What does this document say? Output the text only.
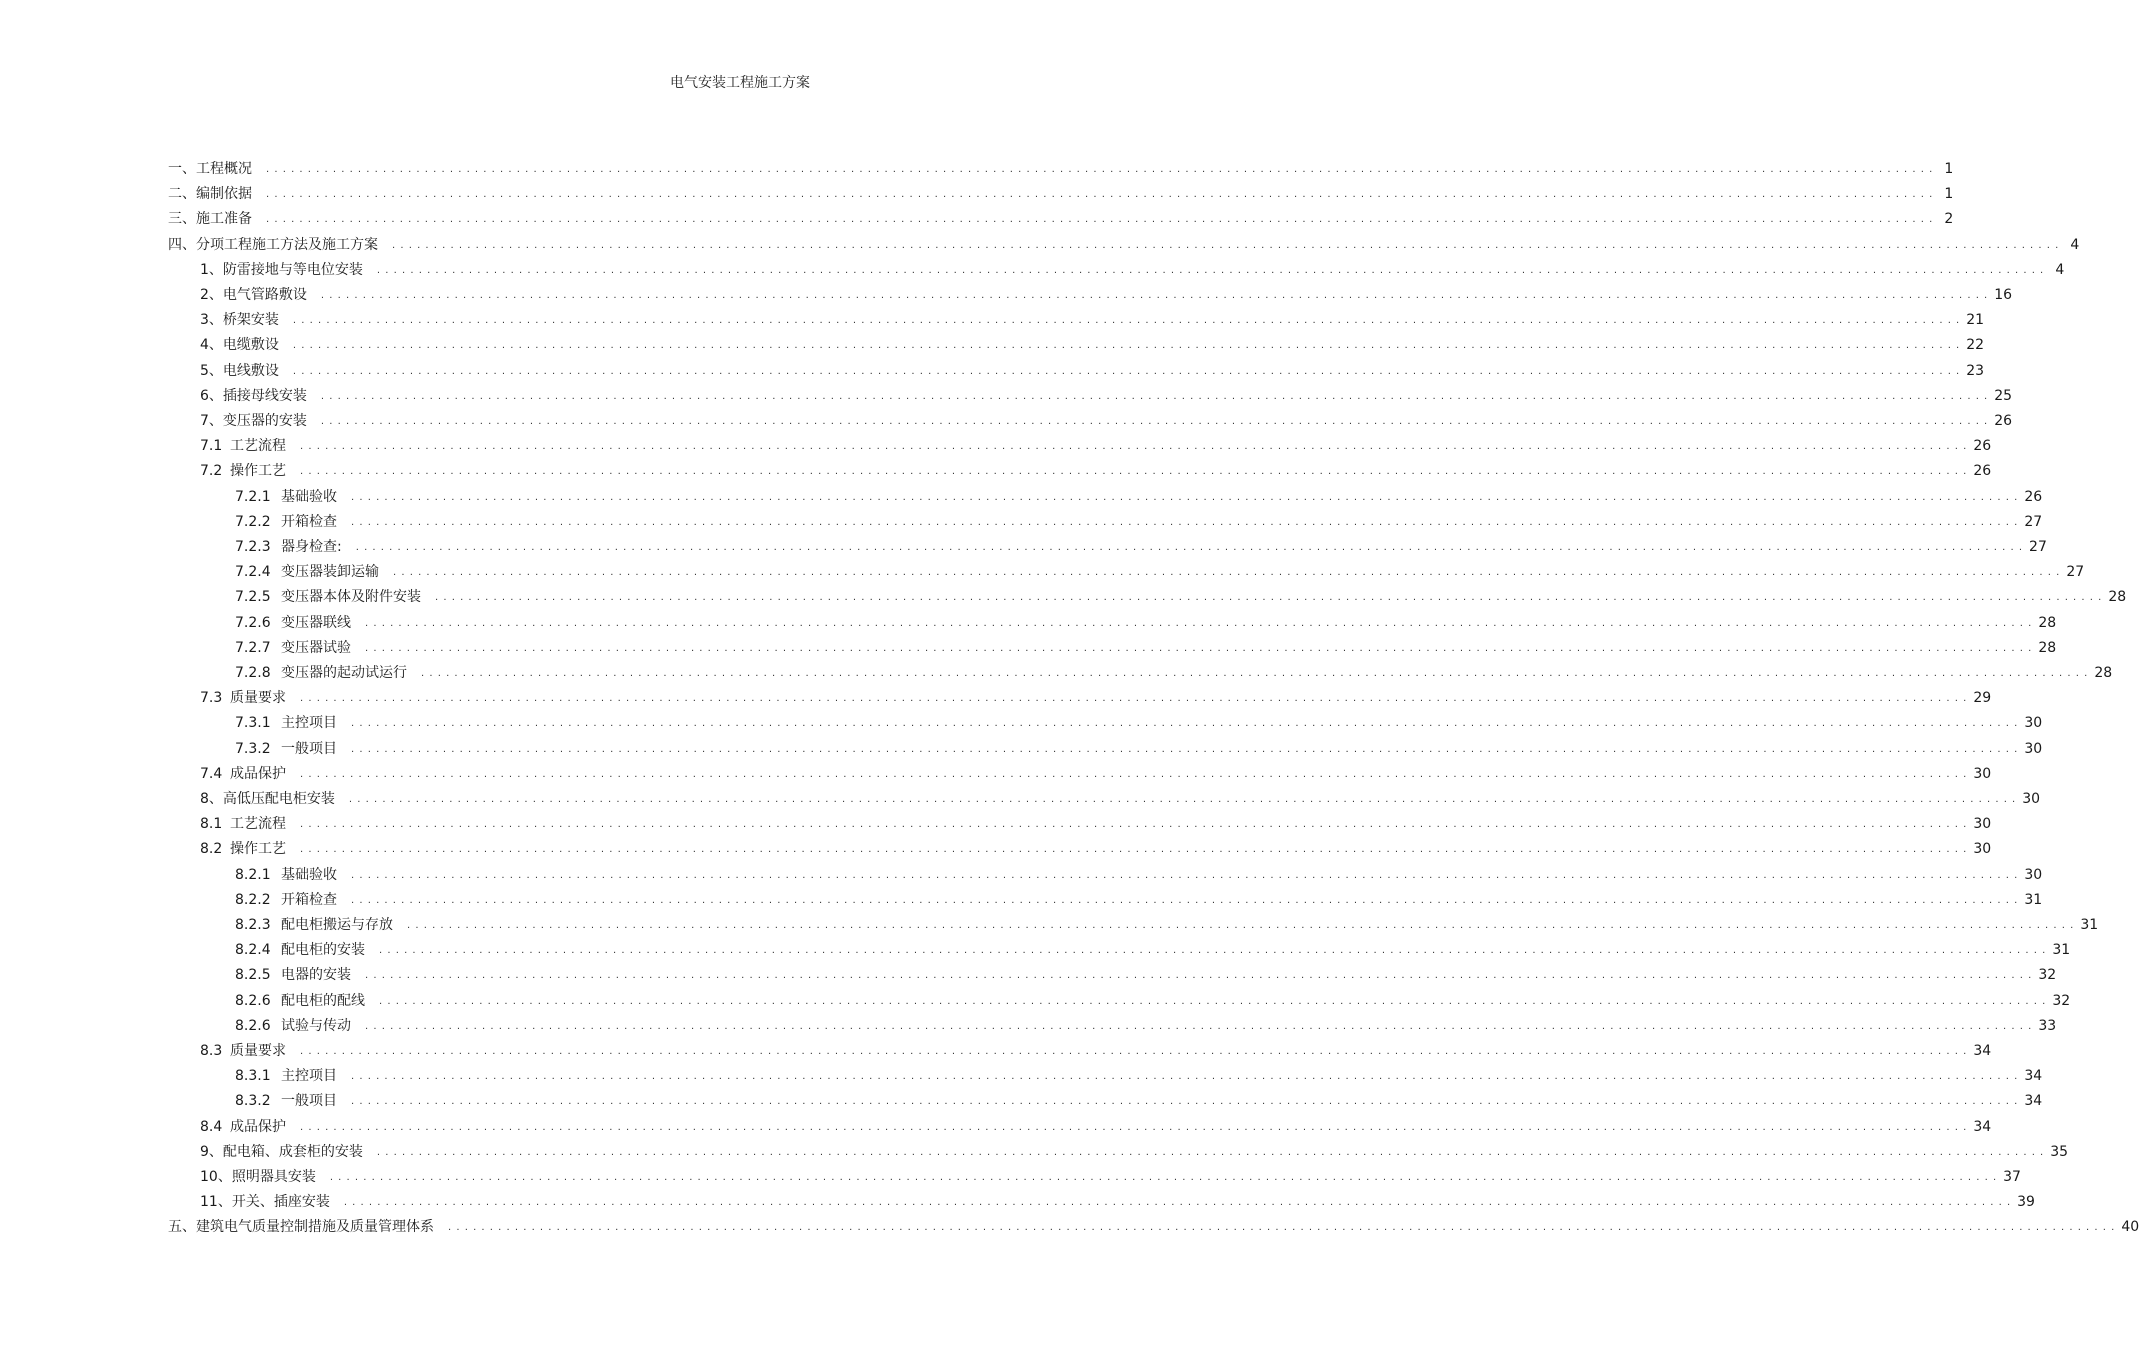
电气安装工程施工方案
一、工程概况 . . . . . . . . . . . . . . . . . . . . . . . . . . . . . . . . . . . . . . . . . . . . . . . . . . . . . . . . . . . . . . . . . . . . . . . . . . . . . . . . . . . . . . . . . . . . . . . . . . . . . . . . . . . . . . . . . . . . . . . . . . . . . . . . . . . . . . . . . . . . . . . . . . . . . . . . . . . . . . . . . . . . . . . . . . . . . . . . . . . . . . . . . . . . . . . . . . . . . . . . 1
二、编制依据 . . . . . . . . . . . . . . . . . . . . . . . . . . . . . . . . . . . . . . . . . . . . . . . . . . . . . . . . . . . . . . . . . . . . . . . . . . . . . . . . . . . . . . . . . . . . . . . . . . . . . . . . . . . . . . . . . . . . . . . . . . . . . . . . . . . . . . . . . . . . . . . . . . . . . . . . . . . . . . . . . . . . . . . . . . . . . . . . . . . . . . . . . . . . . . . . . . . . . . . . 1
三、施工准备 . . . . . . . . . . . . . . . . . . . . . . . . . . . . . . . . . . . . . . . . . . . . . . . . . . . . . . . . . . . . . . . . . . . . . . . . . . . . . . . . . . . . . . . . . . . . . . . . . . . . . . . . . . . . . . . . . . . . . . . . . . . . . . . . . . . . . . . . . . . . . . . . . . . . . . . . . . . . . . . . . . . . . . . . . . . . . . . . . . . . . . . . . . . . . . . . . . . . . . . . 2
四、分项工程施工方法及施工方案 . . . . . . . . . . . . . . . . . . . . . . . . . . . . . . . . . . . . . . . . . . . . . . . . . . . . . . . . . . . . . . . . . . . . . . . . . . . . . . . . . . . . . . . . . . . . . . . . . . . . . . . . . . . . . . . . . . . . . . . . . . . . . . . . . . . . . . . . . . . . . . . . . . . . . . . . . . . . . . . . . . . . . . . . . . . . . . . . . . . . . . . . . . . . . . . . . . . . . . . . 4
1、防雷接地与等电位安装 . . . . . . . . . . . . . . . . . . . . . . . . . . . . . . . . . . . . . . . . . . . . . . . . . . . . . . . . . . . . . . . . . . . . . . . . . . . . . . . . . . . . . . . . . . . . . . . . . . . . . . . . . . . . . . . . . . . . . . . . . . . . . . . . . . . . . . . . . . . . . . . . . . . . . . . . . . . . . . . . . . . . . . . . . . . . . . . . . . . . . . . . . . . . . . . . . . . . . . . . 4
2、电气管路敷设 . . . . . . . . . . . . . . . . . . . . . . . . . . . . . . . . . . . . . . . . . . . . . . . . . . . . . . . . . . . . . . . . . . . . . . . . . . . . . . . . . . . . . . . . . . . . . . . . . . . . . . . . . . . . . . . . . . . . . . . . . . . . . . . . . . . . . . . . . . . . . . . . . . . . . . . . . . . . . . . . . . . . . . . . . . . . . . . . . . . . . . . . . . . . . . . . . . . . . . . . 16
3、桥架安装 . . . . . . . . . . . . . . . . . . . . . . . . . . . . . . . . . . . . . . . . . . . . . . . . . . . . . . . . . . . . . . . . . . . . . . . . . . . . . . . . . . . . . . . . . . . . . . . . . . . . . . . . . . . . . . . . . . . . . . . . . . . . . . . . . . . . . . . . . . . . . . . . . . . . . . . . . . . . . . . . . . . . . . . . . . . . . . . . . . . . . . . . . . . . . . . . . . . . . . . . 21
4、电缆敷设 . . . . . . . . . . . . . . . . . . . . . . . . . . . . . . . . . . . . . . . . . . . . . . . . . . . . . . . . . . . . . . . . . . . . . . . . . . . . . . . . . . . . . . . . . . . . . . . . . . . . . . . . . . . . . . . . . . . . . . . . . . . . . . . . . . . . . . . . . . . . . . . . . . . . . . . . . . . . . . . . . . . . . . . . . . . . . . . . . . . . . . . . . . . . . . . . . . . . . . . . 22
5、电线敷设 . . . . . . . . . . . . . . . . . . . . . . . . . . . . . . . . . . . . . . . . . . . . . . . . . . . . . . . . . . . . . . . . . . . . . . . . . . . . . . . . . . . . . . . . . . . . . . . . . . . . . . . . . . . . . . . . . . . . . . . . . . . . . . . . . . . . . . . . . . . . . . . . . . . . . . . . . . . . . . . . . . . . . . . . . . . . . . . . . . . . . . . . . . . . . . . . . . . . . . . . 23
6、插接母线安装 . . . . . . . . . . . . . . . . . . . . . . . . . . . . . . . . . . . . . . . . . . . . . . . . . . . . . . . . . . . . . . . . . . . . . . . . . . . . . . . . . . . . . . . . . . . . . . . . . . . . . . . . . . . . . . . . . . . . . . . . . . . . . . . . . . . . . . . . . . . . . . . . . . . . . . . . . . . . . . . . . . . . . . . . . . . . . . . . . . . . . . . . . . . . . . . . . . . . . . . . 25
7、变压器的安装 . . . . . . . . . . . . . . . . . . . . . . . . . . . . . . . . . . . . . . . . . . . . . . . . . . . . . . . . . . . . . . . . . . . . . . . . . . . . . . . . . . . . . . . . . . . . . . . . . . . . . . . . . . . . . . . . . . . . . . . . . . . . . . . . . . . . . . . . . . . . . . . . . . . . . . . . . . . . . . . . . . . . . . . . . . . . . . . . . . . . . . . . . . . . . . . . . . . . . . . . 26
7.1 工艺流程 . . . . . . . . . . . . . . . . . . . . . . . . . . . . . . . . . . . . . . . . . . . . . . . . . . . . . . . . . . . . . . . . . . . . . . . . . . . . . . . . . . . . . . . . . . . . . . . . . . . . . . . . . . . . . . . . . . . . . . . . . . . . . . . . . . . . . . . . . . . . . . . . . . . . . . . . . . . . . . . . . . . . . . . . . . . . . . . . . . . . . . . . . . . . . . . . . . . . . . . . 26
7.2 操作工艺 . . . . . . . . . . . . . . . . . . . . . . . . . . . . . . . . . . . . . . . . . . . . . . . . . . . . . . . . . . . . . . . . . . . . . . . . . . . . . . . . . . . . . . . . . . . . . . . . . . . . . . . . . . . . . . . . . . . . . . . . . . . . . . . . . . . . . . . . . . . . . . . . . . . . . . . . . . . . . . . . . . . . . . . . . . . . . . . . . . . . . . . . . . . . . . . . . . . . . . . . 26
7.2.1 基础验收 . . . . . . . . . . . . . . . . . . . . . . . . . . . . . . . . . . . . . . . . . . . . . . . . . . . . . . . . . . . . . . . . . . . . . . . . . . . . . . . . . . . . . . . . . . . . . . . . . . . . . . . . . . . . . . . . . . . . . . . . . . . . . . . . . . . . . . . . . . . . . . . . . . . . . . . . . . . . . . . . . . . . . . . . . . . . . . . . . . . . . . . . . . . . . . . . . . . . . . . . 26
7.2.2 开箱检查 . . . . . . . . . . . . . . . . . . . . . . . . . . . . . . . . . . . . . . . . . . . . . . . . . . . . . . . . . . . . . . . . . . . . . . . . . . . . . . . . . . . . . . . . . . . . . . . . . . . . . . . . . . . . . . . . . . . . . . . . . . . . . . . . . . . . . . . . . . . . . . . . . . . . . . . . . . . . . . . . . . . . . . . . . . . . . . . . . . . . . . . . . . . . . . . . . . . . . . . . 27
7.2.3 器身检查: . . . . . . . . . . . . . . . . . . . . . . . . . . . . . . . . . . . . . . . . . . . . . . . . . . . . . . . . . . . . . . . . . . . . . . . . . . . . . . . . . . . . . . . . . . . . . . . . . . . . . . . . . . . . . . . . . . . . . . . . . . . . . . . . . . . . . . . . . . . . . . . . . . . . . . . . . . . . . . . . . . . . . . . . . . . . . . . . . . . . . . . . . . . . . . . . . . . . . . . . 27
7.2.4 变压器装卸运输 . . . . . . . . . . . . . . . . . . . . . . . . . . . . . . . . . . . . . . . . . . . . . . . . . . . . . . . . . . . . . . . . . . . . . . . . . . . . . . . . . . . . . . . . . . . . . . . . . . . . . . . . . . . . . . . . . . . . . . . . . . . . . . . . . . . . . . . . . . . . . . . . . . . . . . . . . . . . . . . . . . . . . . . . . . . . . . . . . . . . . . . . . . . . . . . . . . . . . . . . 27
7.2.5 变压器本体及附件安装 . . . . . . . . . . . . . . . . . . . . . . . . . . . . . . . . . . . . . . . . . . . . . . . . . . . . . . . . . . . . . . . . . . . . . . . . . . . . . . . . . . . . . . . . . . . . . . . . . . . . . . . . . . . . . . . . . . . . . . . . . . . . . . . . . . . . . . . . . . . . . . . . . . . . . . . . . . . . . . . . . . . . . . . . . . . . . . . . . . . . . . . . . . . . . . . . . . . . . . . . 28
7.2.6 变压器联线 . . . . . . . . . . . . . . . . . . . . . . . . . . . . . . . . . . . . . . . . . . . . . . . . . . . . . . . . . . . . . . . . . . . . . . . . . . . . . . . . . . . . . . . . . . . . . . . . . . . . . . . . . . . . . . . . . . . . . . . . . . . . . . . . . . . . . . . . . . . . . . . . . . . . . . . . . . . . . . . . . . . . . . . . . . . . . . . . . . . . . . . . . . . . . . . . . . . . . . . . 28
7.2.7 变压器试验 . . . . . . . . . . . . . . . . . . . . . . . . . . . . . . . . . . . . . . . . . . . . . . . . . . . . . . . . . . . . . . . . . . . . . . . . . . . . . . . . . . . . . . . . . . . . . . . . . . . . . . . . . . . . . . . . . . . . . . . . . . . . . . . . . . . . . . . . . . . . . . . . . . . . . . . . . . . . . . . . . . . . . . . . . . . . . . . . . . . . . . . . . . . . . . . . . . . . . . . . 28
7.2.8 变压器的起动试运行 . . . . . . . . . . . . . . . . . . . . . . . . . . . . . . . . . . . . . . . . . . . . . . . . . . . . . . . . . . . . . . . . . . . . . . . . . . . . . . . . . . . . . . . . . . . . . . . . . . . . . . . . . . . . . . . . . . . . . . . . . . . . . . . . . . . . . . . . . . . . . . . . . . . . . . . . . . . . . . . . . . . . . . . . . . . . . . . . . . . . . . . . . . . . . . . . . . . . . . . . 28
7.3 质量要求 . . . . . . . . . . . . . . . . . . . . . . . . . . . . . . . . . . . . . . . . . . . . . . . . . . . . . . . . . . . . . . . . . . . . . . . . . . . . . . . . . . . . . . . . . . . . . . . . . . . . . . . . . . . . . . . . . . . . . . . . . . . . . . . . . . . . . . . . . . . . . . . . . . . . . . . . . . . . . . . . . . . . . . . . . . . . . . . . . . . . . . . . . . . . . . . . . . . . . . . . 29
7.3.1 主控项目 . . . . . . . . . . . . . . . . . . . . . . . . . . . . . . . . . . . . . . . . . . . . . . . . . . . . . . . . . . . . . . . . . . . . . . . . . . . . . . . . . . . . . . . . . . . . . . . . . . . . . . . . . . . . . . . . . . . . . . . . . . . . . . . . . . . . . . . . . . . . . . . . . . . . . . . . . . . . . . . . . . . . . . . . . . . . . . . . . . . . . . . . . . . . . . . . . . . . . . . . 30
7.3.2 一般项目 . . . . . . . . . . . . . . . . . . . . . . . . . . . . . . . . . . . . . . . . . . . . . . . . . . . . . . . . . . . . . . . . . . . . . . . . . . . . . . . . . . . . . . . . . . . . . . . . . . . . . . . . . . . . . . . . . . . . . . . . . . . . . . . . . . . . . . . . . . . . . . . . . . . . . . . . . . . . . . . . . . . . . . . . . . . . . . . . . . . . . . . . . . . . . . . . . . . . . . . . 30
7.4 成品保护 . . . . . . . . . . . . . . . . . . . . . . . . . . . . . . . . . . . . . . . . . . . . . . . . . . . . . . . . . . . . . . . . . . . . . . . . . . . . . . . . . . . . . . . . . . . . . . . . . . . . . . . . . . . . . . . . . . . . . . . . . . . . . . . . . . . . . . . . . . . . . . . . . . . . . . . . . . . . . . . . . . . . . . . . . . . . . . . . . . . . . . . . . . . . . . . . . . . . . . . . 30
8、高低压配电柜安装 . . . . . . . . . . . . . . . . . . . . . . . . . . . . . . . . . . . . . . . . . . . . . . . . . . . . . . . . . . . . . . . . . . . . . . . . . . . . . . . . . . . . . . . . . . . . . . . . . . . . . . . . . . . . . . . . . . . . . . . . . . . . . . . . . . . . . . . . . . . . . . . . . . . . . . . . . . . . . . . . . . . . . . . . . . . . . . . . . . . . . . . . . . . . . . . . . . . . . . . . 30
8.1 工艺流程 . . . . . . . . . . . . . . . . . . . . . . . . . . . . . . . . . . . . . . . . . . . . . . . . . . . . . . . . . . . . . . . . . . . . . . . . . . . . . . . . . . . . . . . . . . . . . . . . . . . . . . . . . . . . . . . . . . . . . . . . . . . . . . . . . . . . . . . . . . . . . . . . . . . . . . . . . . . . . . . . . . . . . . . . . . . . . . . . . . . . . . . . . . . . . . . . . . . . . . . . 30
8.2 操作工艺 . . . . . . . . . . . . . . . . . . . . . . . . . . . . . . . . . . . . . . . . . . . . . . . . . . . . . . . . . . . . . . . . . . . . . . . . . . . . . . . . . . . . . . . . . . . . . . . . . . . . . . . . . . . . . . . . . . . . . . . . . . . . . . . . . . . . . . . . . . . . . . . . . . . . . . . . . . . . . . . . . . . . . . . . . . . . . . . . . . . . . . . . . . . . . . . . . . . . . . . . 30
8.2.1 基础验收 . . . . . . . . . . . . . . . . . . . . . . . . . . . . . . . . . . . . . . . . . . . . . . . . . . . . . . . . . . . . . . . . . . . . . . . . . . . . . . . . . . . . . . . . . . . . . . . . . . . . . . . . . . . . . . . . . . . . . . . . . . . . . . . . . . . . . . . . . . . . . . . . . . . . . . . . . . . . . . . . . . . . . . . . . . . . . . . . . . . . . . . . . . . . . . . . . . . . . . . . 30
8.2.2 开箱检查 . . . . . . . . . . . . . . . . . . . . . . . . . . . . . . . . . . . . . . . . . . . . . . . . . . . . . . . . . . . . . . . . . . . . . . . . . . . . . . . . . . . . . . . . . . . . . . . . . . . . . . . . . . . . . . . . . . . . . . . . . . . . . . . . . . . . . . . . . . . . . . . . . . . . . . . . . . . . . . . . . . . . . . . . . . . . . . . . . . . . . . . . . . . . . . . . . . . . . . . . 31
8.2.3 配电柜搬运与存放 . . . . . . . . . . . . . . . . . . . . . . . . . . . . . . . . . . . . . . . . . . . . . . . . . . . . . . . . . . . . . . . . . . . . . . . . . . . . . . . . . . . . . . . . . . . . . . . . . . . . . . . . . . . . . . . . . . . . . . . . . . . . . . . . . . . . . . . . . . . . . . . . . . . . . . . . . . . . . . . . . . . . . . . . . . . . . . . . . . . . . . . . . . . . . . . . . . . . . . . . 31
8.2.4 配电柜的安装 . . . . . . . . . . . . . . . . . . . . . . . . . . . . . . . . . . . . . . . . . . . . . . . . . . . . . . . . . . . . . . . . . . . . . . . . . . . . . . . . . . . . . . . . . . . . . . . . . . . . . . . . . . . . . . . . . . . . . . . . . . . . . . . . . . . . . . . . . . . . . . . . . . . . . . . . . . . . . . . . . . . . . . . . . . . . . . . . . . . . . . . . . . . . . . . . . . . . . . . . 31
8.2.5 电器的安装 . . . . . . . . . . . . . . . . . . . . . . . . . . . . . . . . . . . . . . . . . . . . . . . . . . . . . . . . . . . . . . . . . . . . . . . . . . . . . . . . . . . . . . . . . . . . . . . . . . . . . . . . . . . . . . . . . . . . . . . . . . . . . . . . . . . . . . . . . . . . . . . . . . . . . . . . . . . . . . . . . . . . . . . . . . . . . . . . . . . . . . . . . . . . . . . . . . . . . . . . 32
8.2.6 配电柜的配线 . . . . . . . . . . . . . . . . . . . . . . . . . . . . . . . . . . . . . . . . . . . . . . . . . . . . . . . . . . . . . . . . . . . . . . . . . . . . . . . . . . . . . . . . . . . . . . . . . . . . . . . . . . . . . . . . . . . . . . . . . . . . . . . . . . . . . . . . . . . . . . . . . . . . . . . . . . . . . . . . . . . . . . . . . . . . . . . . . . . . . . . . . . . . . . . . . . . . . . . . 32
8.2.6 试验与传动 . . . . . . . . . . . . . . . . . . . . . . . . . . . . . . . . . . . . . . . . . . . . . . . . . . . . . . . . . . . . . . . . . . . . . . . . . . . . . . . . . . . . . . . . . . . . . . . . . . . . . . . . . . . . . . . . . . . . . . . . . . . . . . . . . . . . . . . . . . . . . . . . . . . . . . . . . . . . . . . . . . . . . . . . . . . . . . . . . . . . . . . . . . . . . . . . . . . . . . . . 33
8.3 质量要求 . . . . . . . . . . . . . . . . . . . . . . . . . . . . . . . . . . . . . . . . . . . . . . . . . . . . . . . . . . . . . . . . . . . . . . . . . . . . . . . . . . . . . . . . . . . . . . . . . . . . . . . . . . . . . . . . . . . . . . . . . . . . . . . . . . . . . . . . . . . . . . . . . . . . . . . . . . . . . . . . . . . . . . . . . . . . . . . . . . . . . . . . . . . . . . . . . . . . . . . . 34
8.3.1 主控项目 . . . . . . . . . . . . . . . . . . . . . . . . . . . . . . . . . . . . . . . . . . . . . . . . . . . . . . . . . . . . . . . . . . . . . . . . . . . . . . . . . . . . . . . . . . . . . . . . . . . . . . . . . . . . . . . . . . . . . . . . . . . . . . . . . . . . . . . . . . . . . . . . . . . . . . . . . . . . . . . . . . . . . . . . . . . . . . . . . . . . . . . . . . . . . . . . . . . . . . . . 34
8.3.2 一般项目 . . . . . . . . . . . . . . . . . . . . . . . . . . . . . . . . . . . . . . . . . . . . . . . . . . . . . . . . . . . . . . . . . . . . . . . . . . . . . . . . . . . . . . . . . . . . . . . . . . . . . . . . . . . . . . . . . . . . . . . . . . . . . . . . . . . . . . . . . . . . . . . . . . . . . . . . . . . . . . . . . . . . . . . . . . . . . . . . . . . . . . . . . . . . . . . . . . . . . . . . 34
8.4 成品保护 . . . . . . . . . . . . . . . . . . . . . . . . . . . . . . . . . . . . . . . . . . . . . . . . . . . . . . . . . . . . . . . . . . . . . . . . . . . . . . . . . . . . . . . . . . . . . . . . . . . . . . . . . . . . . . . . . . . . . . . . . . . . . . . . . . . . . . . . . . . . . . . . . . . . . . . . . . . . . . . . . . . . . . . . . . . . . . . . . . . . . . . . . . . . . . . . . . . . . . . . 34
9、配电箱、成套柜的安装 . . . . . . . . . . . . . . . . . . . . . . . . . . . . . . . . . . . . . . . . . . . . . . . . . . . . . . . . . . . . . . . . . . . . . . . . . . . . . . . . . . . . . . . . . . . . . . . . . . . . . . . . . . . . . . . . . . . . . . . . . . . . . . . . . . . . . . . . . . . . . . . . . . . . . . . . . . . . . . . . . . . . . . . . . . . . . . . . . . . . . . . . . . . . . . . . . . . . . . . . 35
10、照明器具安装 . . . . . . . . . . . . . . . . . . . . . . . . . . . . . . . . . . . . . . . . . . . . . . . . . . . . . . . . . . . . . . . . . . . . . . . . . . . . . . . . . . . . . . . . . . . . . . . . . . . . . . . . . . . . . . . . . . . . . . . . . . . . . . . . . . . . . . . . . . . . . . . . . . . . . . . . . . . . . . . . . . . . . . . . . . . . . . . . . . . . . . . . . . . . . . . . . . . . . . . . 37
11、开关、插座安装 . . . . . . . . . . . . . . . . . . . . . . . . . . . . . . . . . . . . . . . . . . . . . . . . . . . . . . . . . . . . . . . . . . . . . . . . . . . . . . . . . . . . . . . . . . . . . . . . . . . . . . . . . . . . . . . . . . . . . . . . . . . . . . . . . . . . . . . . . . . . . . . . . . . . . . . . . . . . . . . . . . . . . . . . . . . . . . . . . . . . . . . . . . . . . . . . . . . . . . . . 39
五、建筑电气质量控制措施及质量管理体系 . . . . . . . . . . . . . . . . . . . . . . . . . . . . . . . . . . . . . . . . . . . . . . . . . . . . . . . . . . . . . . . . . . . . . . . . . . . . . . . . . . . . . . . . . . . . . . . . . . . . . . . . . . . . . . . . . . . . . . . . . . . . . . . . . . . . . . . . . . . . . . . . . . . . . . . . . . . . . . . . . . . . . . . . . . . . . . . . . . . . . . . . . . . . . . . . . . . . . . . . 40
